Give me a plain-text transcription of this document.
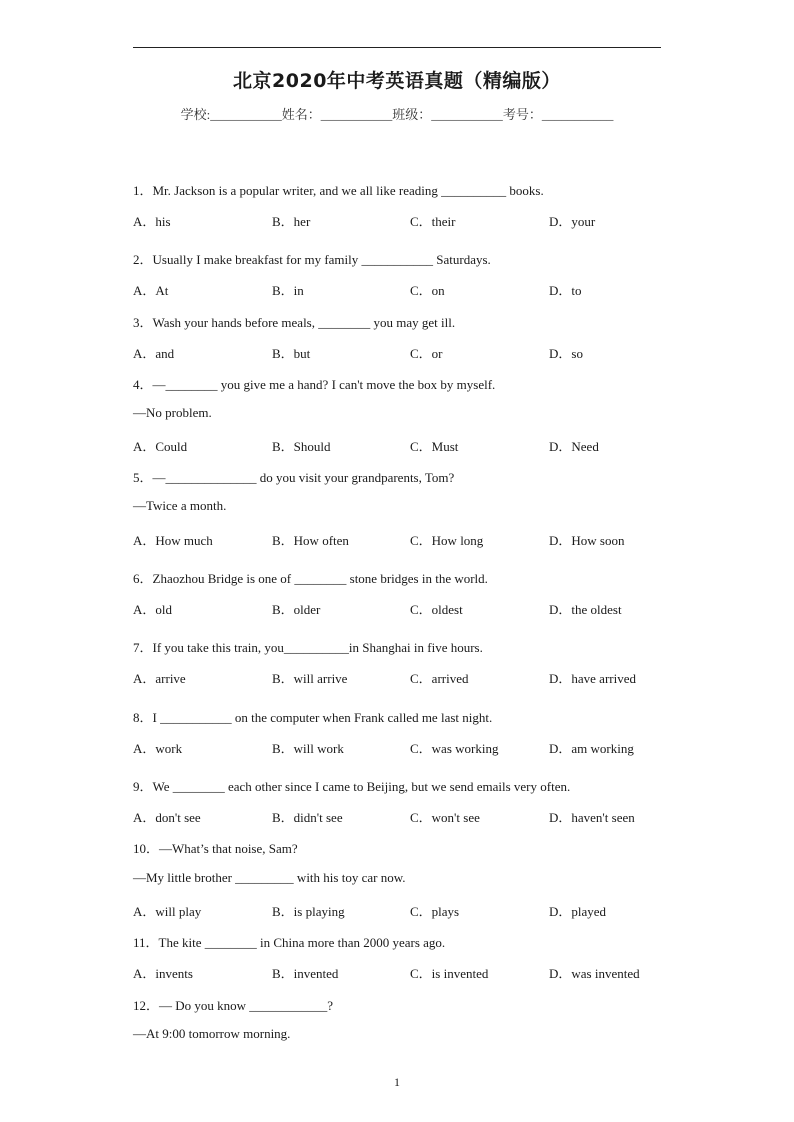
北京2020年中考英语真题（精编版）
学校:___________姓名：___________班级：___________考号：___________
1．Mr. Jackson is a popular writer, and we all like reading __________ books.
A．his	B．her	C．their	D．your
2．Usually I make breakfast for my family ___________ Saturdays.
A．At	B．in	C．on	D．to
3．Wash your hands before meals, ________ you may get ill.
A．and	B．but	C．or	D．so
4．—________ you give me a hand? I can't move the box by myself.
—No problem.
A．Could	B．Should	C．Must	D．Need
5．—______________ do you visit your grandparents, Tom?
—Twice a month.
A．How much	B．How often	C．How long	D．How soon
6．Zhaozhou Bridge is one of ________ stone bridges in the world.
A．old	B．older	C．oldest	D．the oldest
7．If you take this train, you__________in Shanghai in five hours.
A．arrive	B．will arrive	C．arrived	D．have arrived
8．I ___________ on the computer when Frank called me last night.
A．work	B．will work	C．was working	D．am working
9．We ________ each other since I came to Beijing, but we send emails very often.
A．don't see	B．didn't see	C．won't see	D．haven't seen
10．—What’s that noise, Sam?
—My little brother _________ with his toy car now.
A．will play	B．is playing	C．plays	D．played
11．The kite ________ in China more than 2000 years ago.
A．invents	B．invented	C．is invented	D．was invented
12．— Do you know ____________?
—At 9:00 tomorrow morning.
1
